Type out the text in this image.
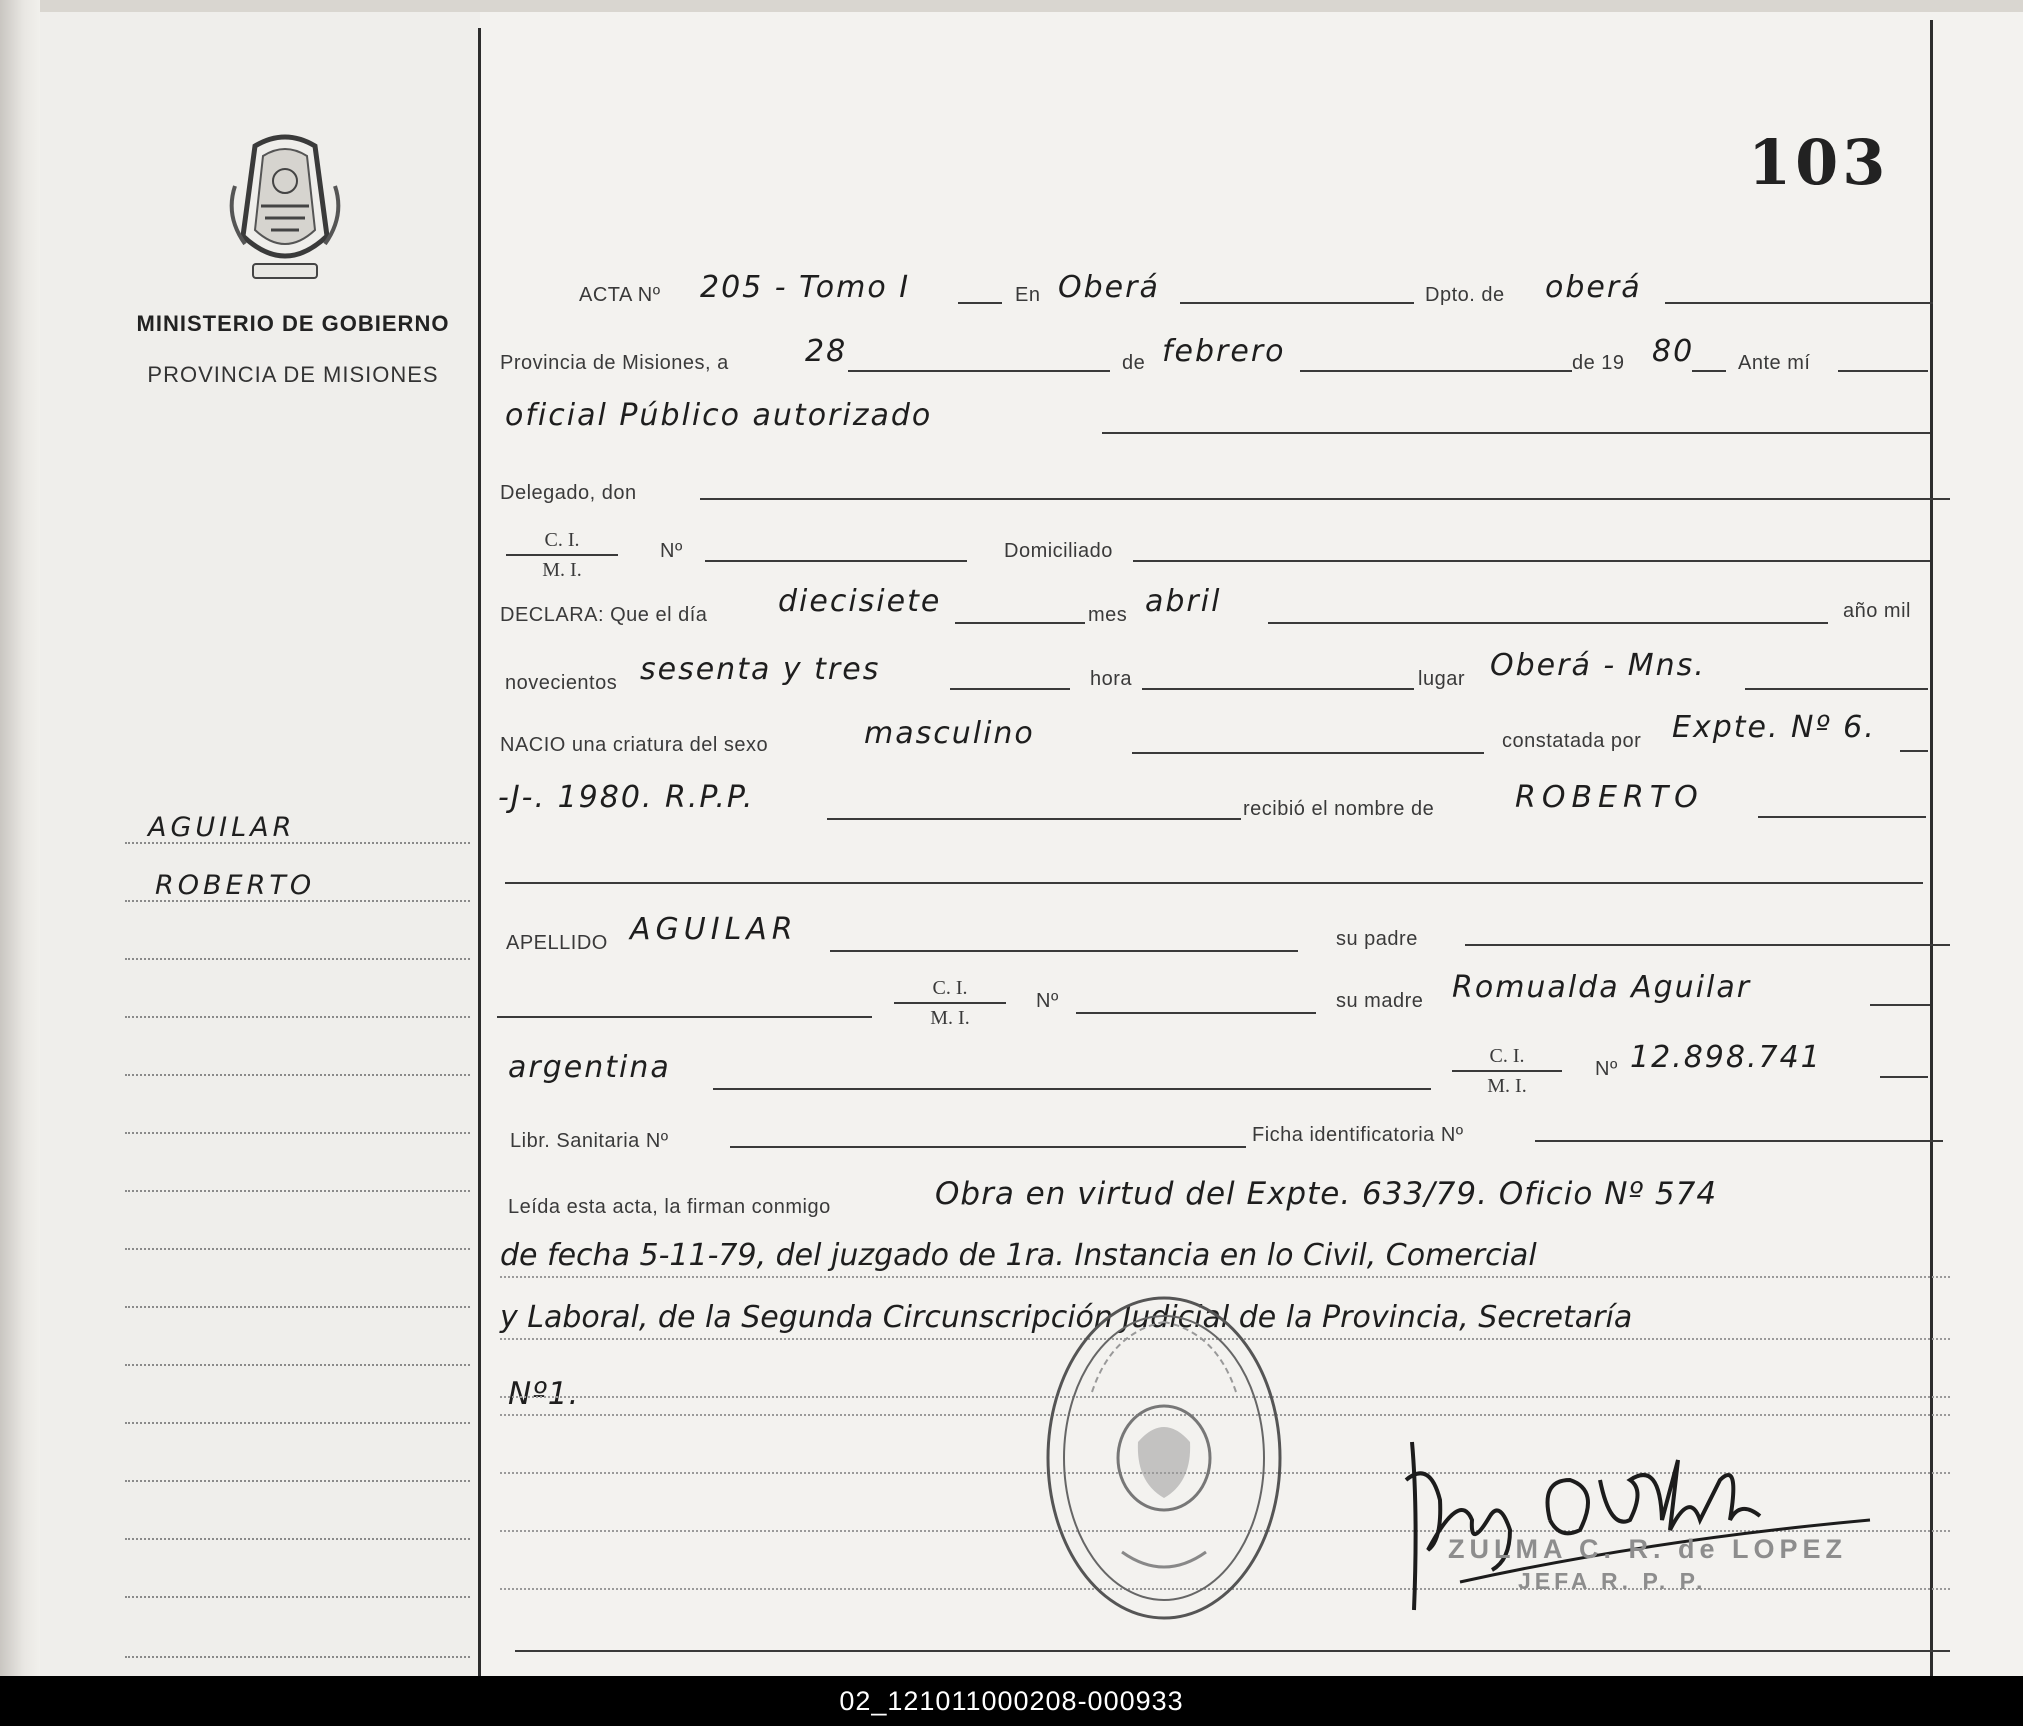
MINISTERIO DE GOBIERNO
PROVINCIA DE MISIONES
AGUILAR
ROBERTO
103
ACTA Nº 205 - Tomo I	En Oberá	Dpto. de oberá
Provincia de Misiones, a	28	de febrero	de 19 80 Ante mí
oficial Público autorizado
Delegado, don
C. I.
M. I.
Nº	Domiciliado
DECLARA: Que el día diecisiete	mes abril	año mil
novecientos sesenta y tres	hora	lugar Oberá - Mns.
NACIO una criatura del sexo	masculino	constatada por Expte. Nº 6.
-J-. 1980. R.P.P.	recibió el nombre de	ROBERTO
APELLIDO AGUILAR	su padre
C. I.
M. I.
Nº	su madre Romualda Aguilar
argentina	C. I.
M. I.
Nº 12.898.741
Libr. Sanitaria Nº	Ficha identificatoria Nº
Leída esta acta, la firman conmigo	Obra en virtud del Expte. 633/79. Oficio Nº 574
de fecha 5-11-79, del juzgado de 1ra. Instancia en lo Civil, Comercial
y Laboral, de la Segunda Circunscripción Judicial de la Provincia, Secretaría
Nº1.
ZULMA C. R. de LOPEZ
JEFA R. P. P.
02_121011000208-000933
